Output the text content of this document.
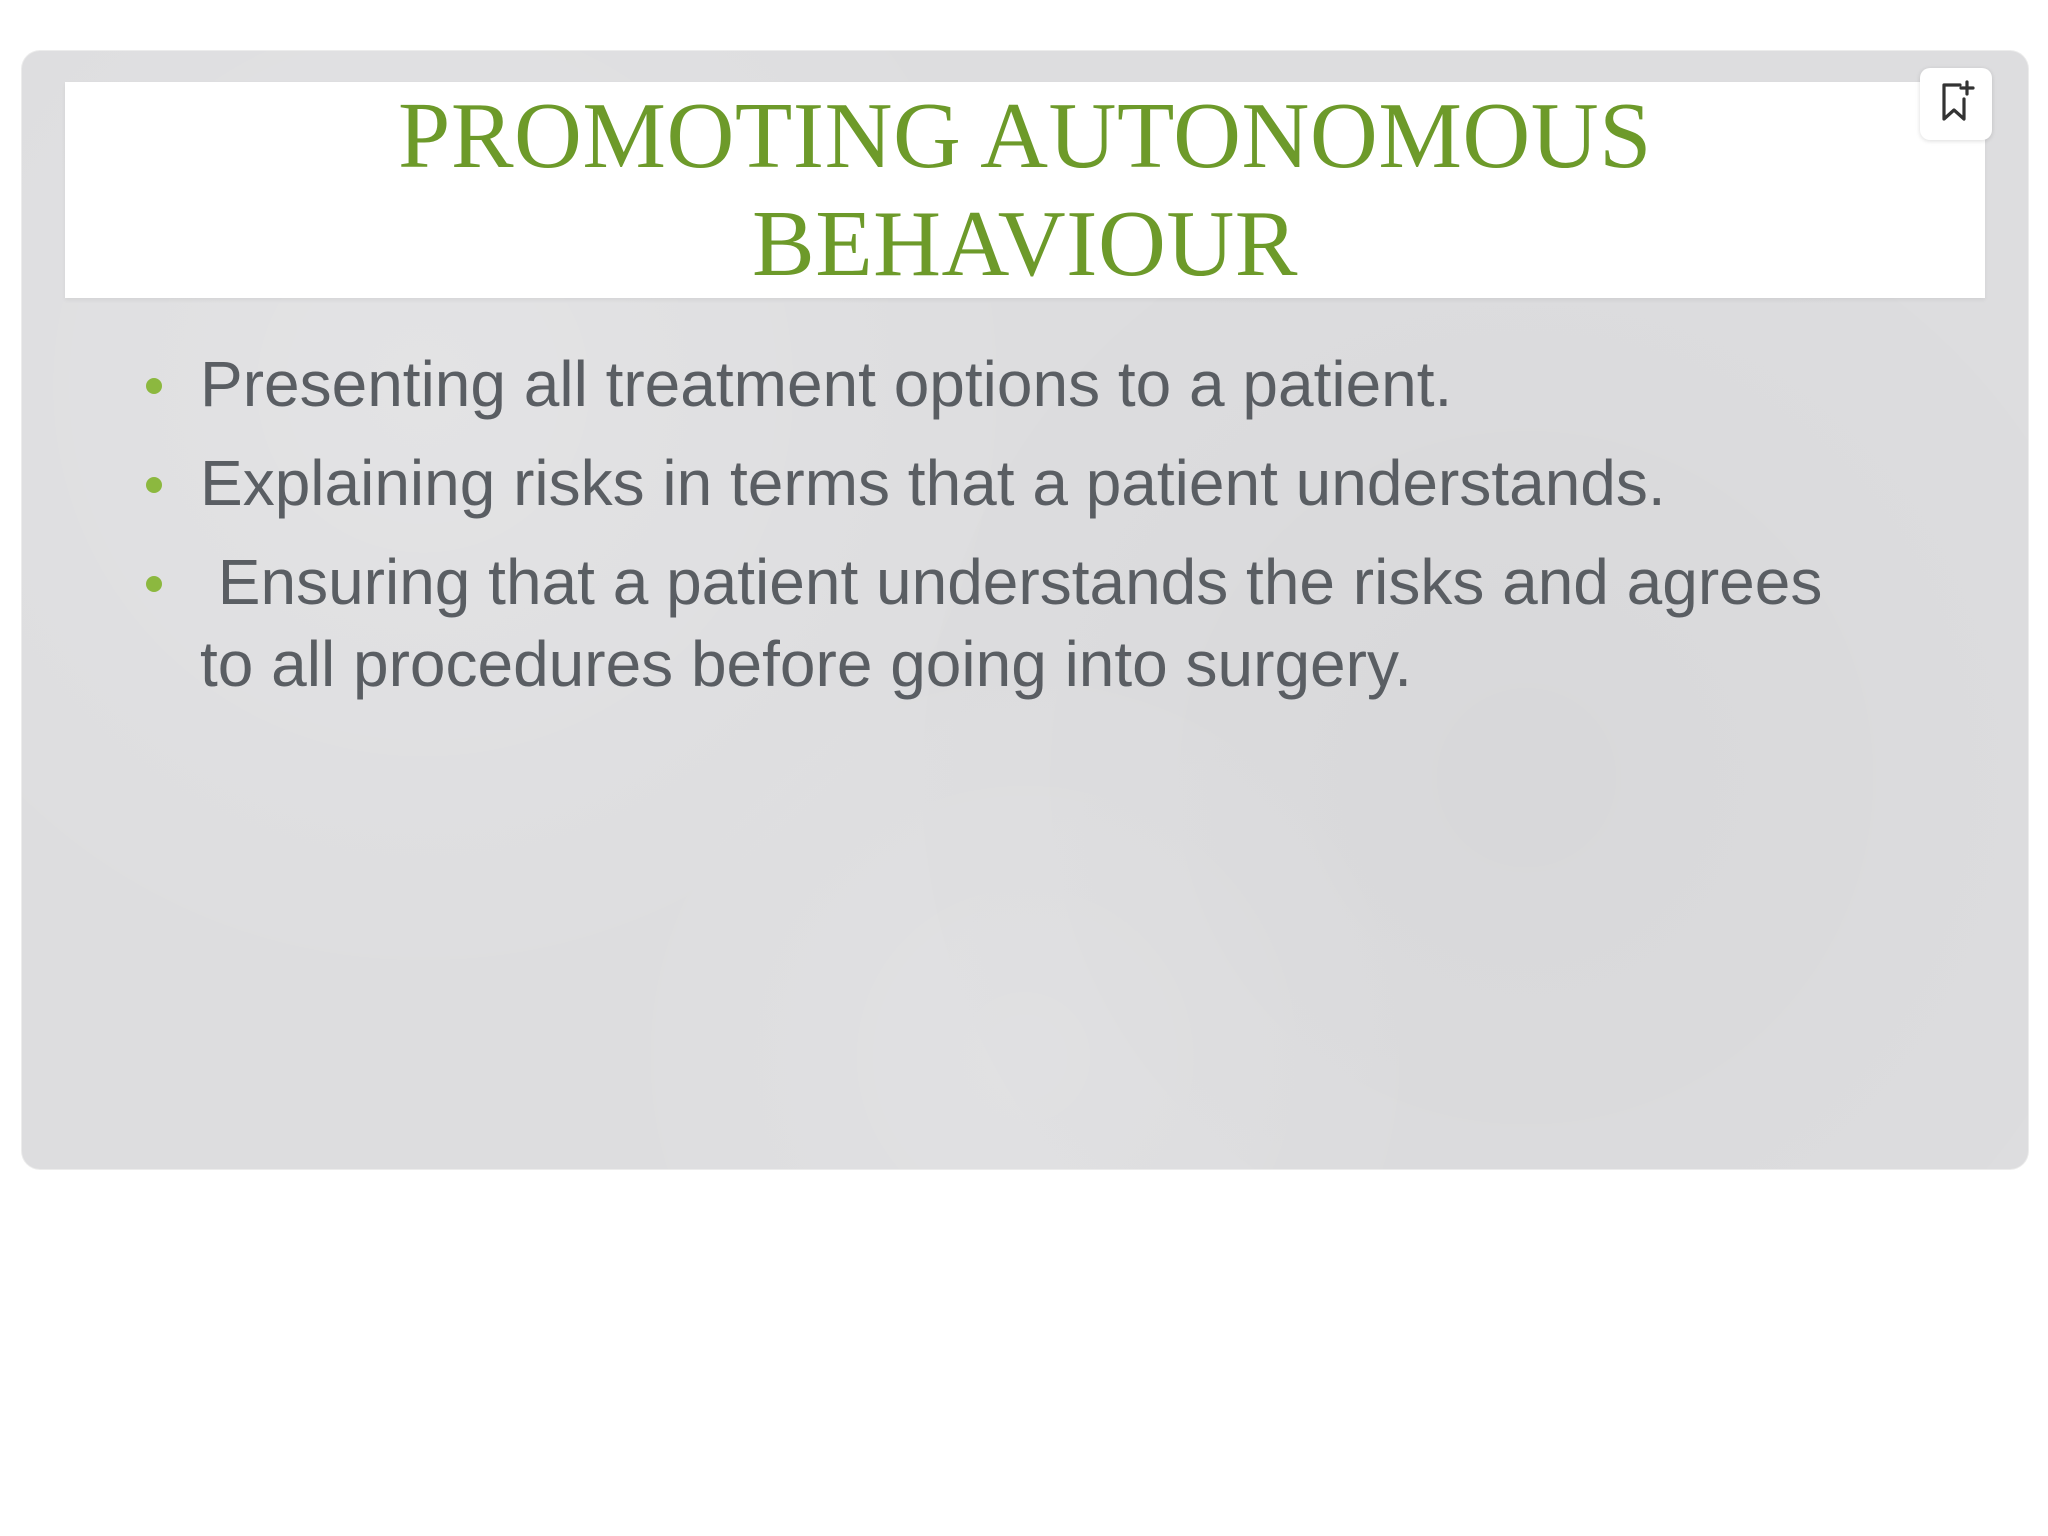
PROMOTING AUTONOMOUS
BEHAVIOUR
Presenting all treatment options to a patient.
Explaining risks in terms that a patient understands.
Ensuring that a patient understands the risks and agrees to all procedures before going into surgery.
